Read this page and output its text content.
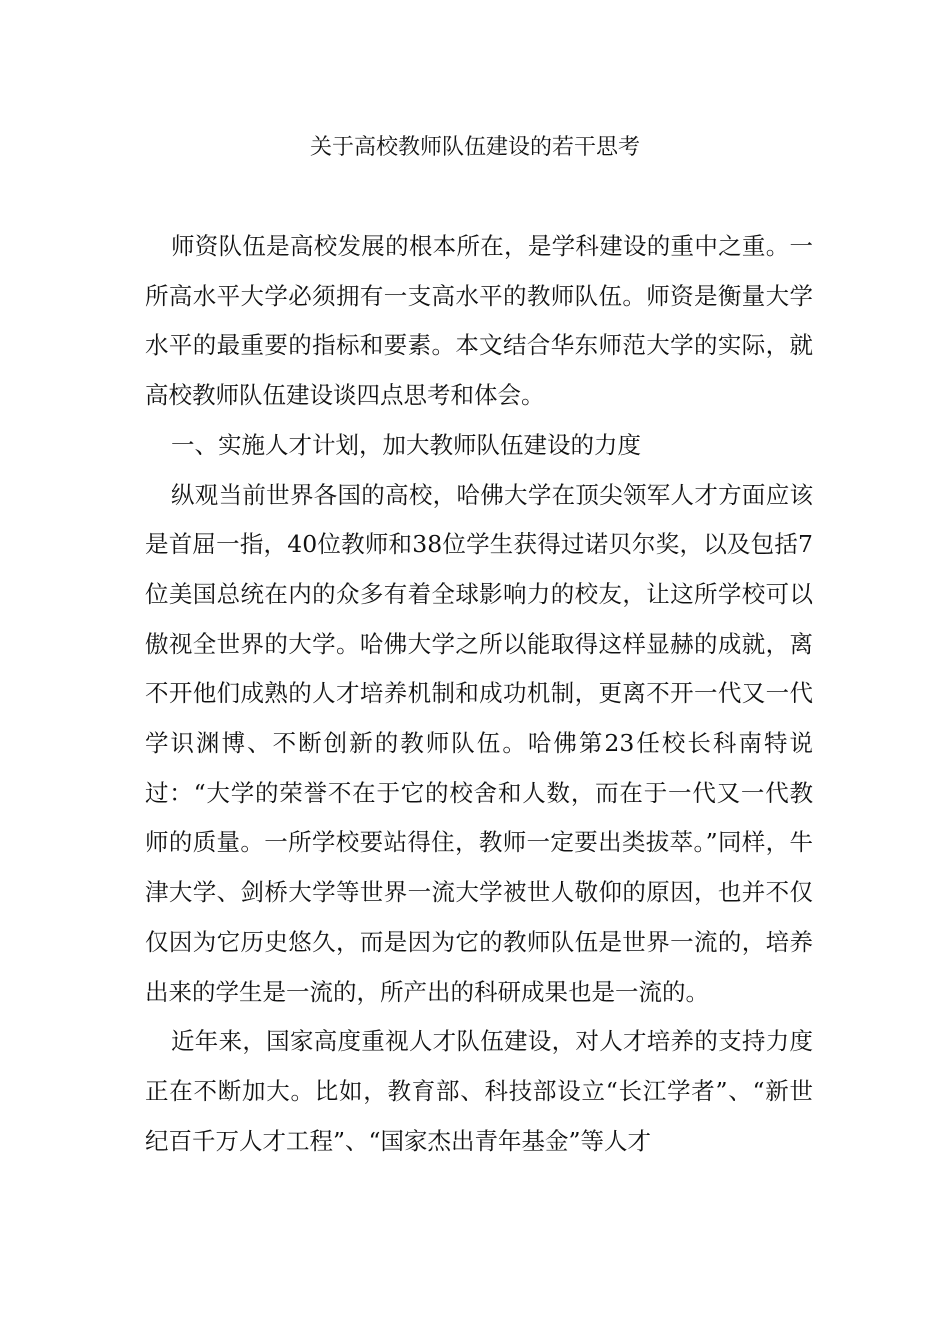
关于高校教师队伍建设的若干思考

师资队伍是高校发展的根本所在，是学科建设的重中之重。一所高水平大学必须拥有一支高水平的教师队伍。师资是衡量大学水平的最重要的指标和要素。本文结合华东师范大学的实际，就高校教师队伍建设谈四点思考和体会。

一、实施人才计划，加大教师队伍建设的力度

纵观当前世界各国的高校，哈佛大学在顶尖领军人才方面应该是首屈一指，40位教师和38位学生获得过诺贝尔奖，以及包括7位美国总统在内的众多有着全球影响力的校友，让这所学校可以傲视全世界的大学。哈佛大学之所以能取得这样显赫的成就，离不开他们成熟的人才培养机制和成功机制，更离不开一代又一代学识渊博、不断创新的教师队伍。哈佛第23任校长科南特说过：“大学的荣誉不在于它的校舍和人数，而在于一代又一代教师的质量。一所学校要站得住，教师一定要出类拔萃。”同样，牛津大学、剑桥大学等世界一流大学被世人敬仰的原因，也并不仅仅因为它历史悠久，而是因为它的教师队伍是世界一流的，培养出来的学生是一流的，所产出的科研成果也是一流的。

近年来，国家高度重视人才队伍建设，对人才培养的支持力度正在不断加大。比如，教育部、科技部设立“长江学者”、“新世纪百千万人才工程”、“国家杰出青年基金”等人才
